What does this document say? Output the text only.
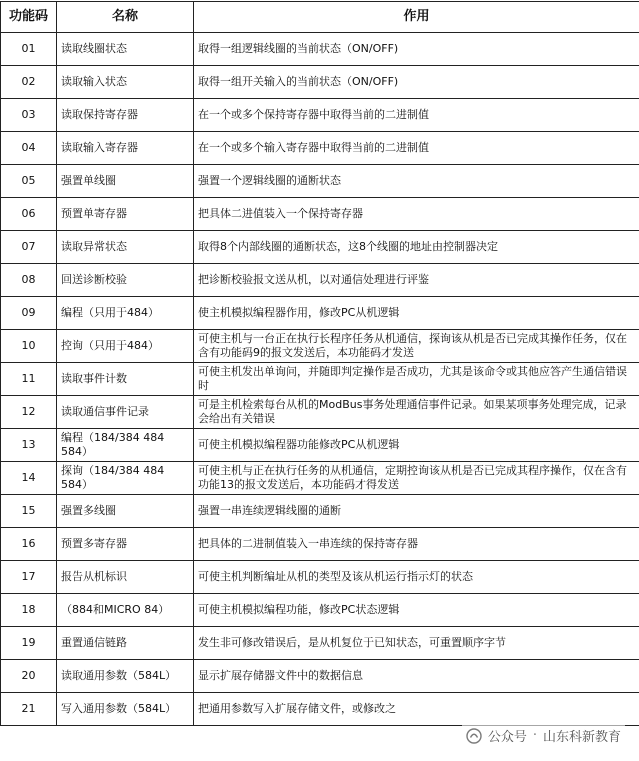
功能码	名称	作用
01	读取线圈状态	取得一组逻辑线圈的当前状态（ON/OFF)
02	读取输入状态	取得一组开关输入的当前状态（ON/OFF)
03	读取保持寄存器	在一个或多个保持寄存器中取得当前的二进制值
04	读取输入寄存器	在一个或多个输入寄存器中取得当前的二进制值
05	强置单线圈	强置一个逻辑线圈的通断状态
06	预置单寄存器	把具体二进值装入一个保持寄存器
07	读取异常状态	取得8个内部线圈的通断状态，这8个线圈的地址由控制器决定
08	回送诊断校验	把诊断校验报文送从机，以对通信处理进行评鉴
09	编程（只用于484）	使主机模拟编程器作用，修改PC从机逻辑
10	控询（只用于484）	可使主机与一台正在执行长程序任务从机通信，探询该从机是否已完成其操作任务，仅在含有功能码9的报文发送后，本功能码才发送
11	读取事件计数	可使主机发出单询问，并随即判定操作是否成功，尤其是该命令或其他应答产生通信错误时
12	读取通信事件记录	可是主机检索每台从机的ModBus事务处理通信事件记录。如果某项事务处理完成，记录会给出有关错误
13	编程（184/384 484 584）	可使主机模拟编程器功能修改PC从机逻辑
14	探询（184/384 484 584）	可使主机与正在执行任务的从机通信，定期控询该从机是否已完成其程序操作，仅在含有功能13的报文发送后，本功能码才得发送
15	强置多线圈	强置一串连续逻辑线圈的通断
16	预置多寄存器	把具体的二进制值装入一串连续的保持寄存器
17	报告从机标识	可使主机判断编址从机的类型及该从机运行指示灯的状态
18	（884和MICRO 84）	可使主机模拟编程功能，修改PC状态逻辑
19	重置通信链路	发生非可修改错误后，是从机复位于已知状态，可重置顺序字节
20	读取通用参数（584L）	显示扩展存储器文件中的数据信息
21	写入通用参数（584L）	把通用参数写入扩展存储文件，或修改之
公众号 · 山东科新教育
